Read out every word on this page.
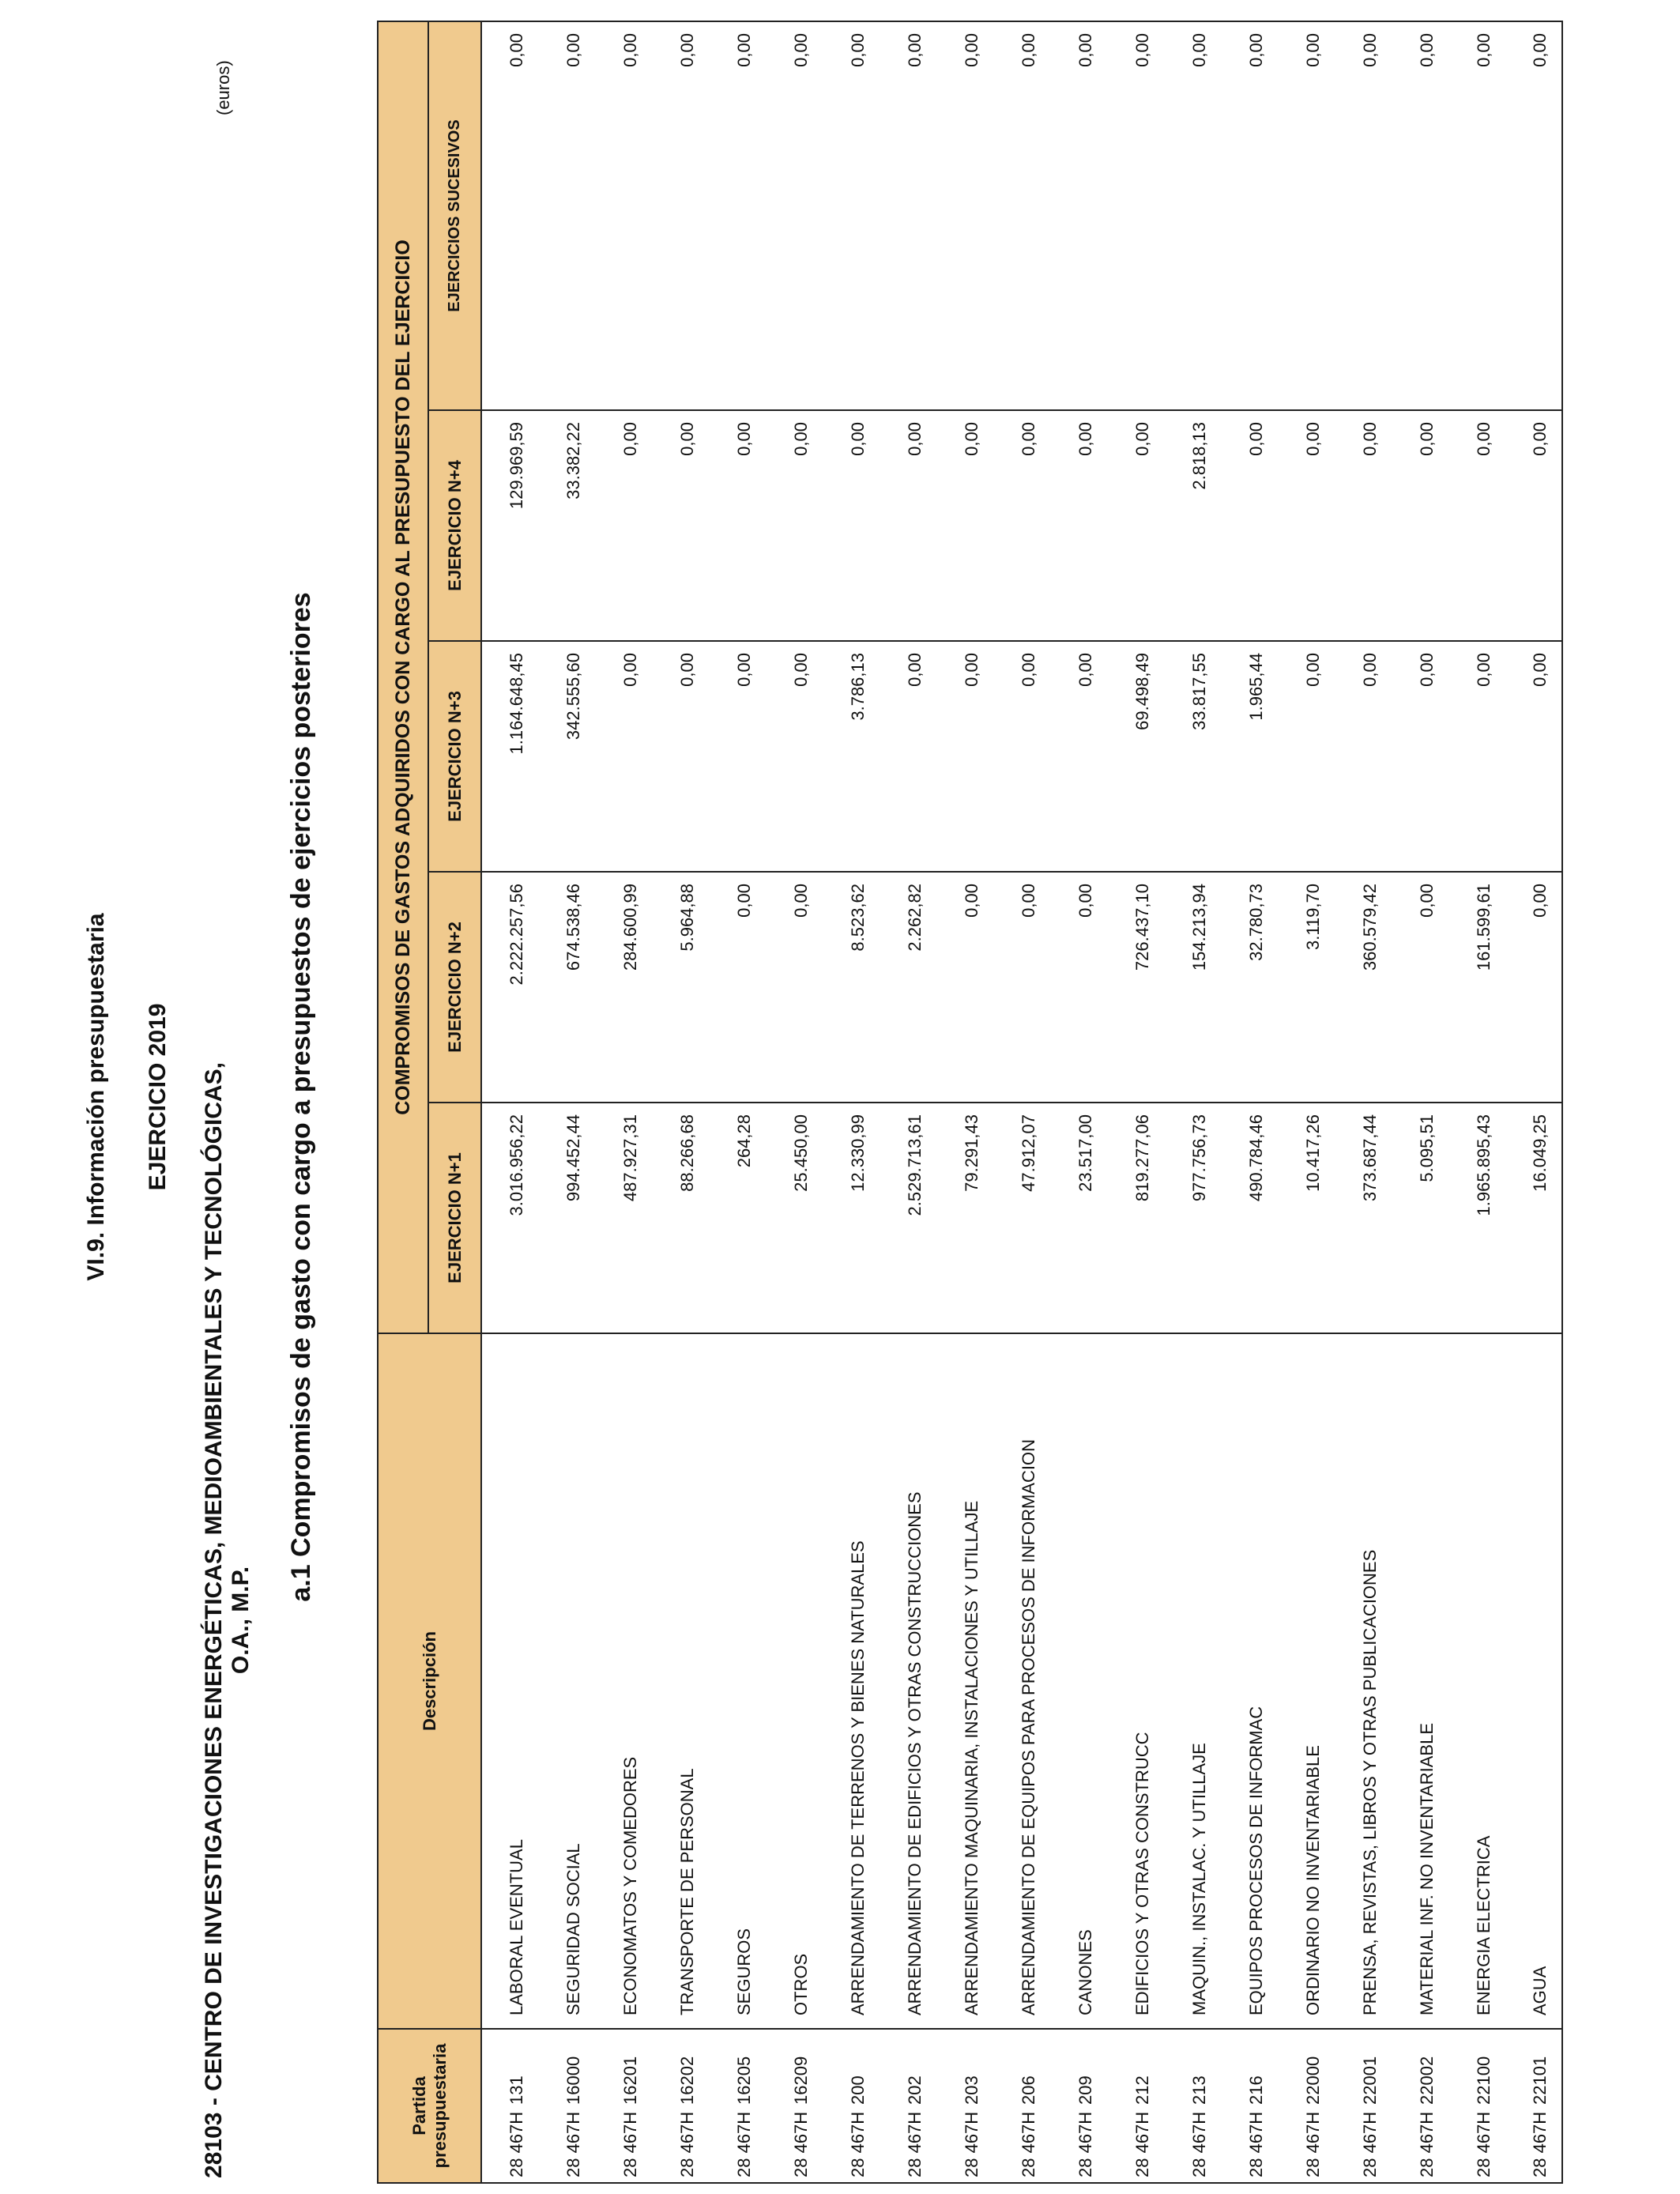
VI.9. Información presupuestaria EJERCICIO 2019 28103 - CENTRO DE INVESTIGACIONES ENERGÉTICAS, MEDIOAMBIENTALES Y TECNOLÓGICAS, O.A., M.P.
a.1 Compromisos de gasto con cargo a presupuestos de ejercicios posteriores
(euros)
Partida presupuestaria	Descripción	COMPROMISOS DE GASTOS ADQUIRIDOS CON CARGO AL PRESUPUESTO DEL EJERCICIO				
		EJERCICIO N+1	EJERCICIO N+2	EJERCICIO N+3	EJERCICIO N+4	EJERCICIOS SUCESIVOS
28 467H131	LABORAL EVENTUAL	3.016.956,22	2.222.257,56	1.164.648,45	129.969,59	0,00
28 467H16000	SEGURIDAD SOCIAL	994.452,44	674.538,46	342.555,60	33.382,22	0,00
28 467H16201	ECONOMATOS Y COMEDORES	487.927,31	284.600,99	0,00	0,00	0,00
28 467H16202	TRANSPORTE DE PERSONAL	88.266,68	5.964,88	0,00	0,00	0,00
28 467H16205	SEGUROS	264,28	0,00	0,00	0,00	0,00
28 467H16209	OTROS	25.450,00	0,00	0,00	0,00	0,00
28 467H200	ARRENDAMIENTO DE TERRENOS Y BIENES NATURALES	12.330,99	8.523,62	3.786,13	0,00	0,00
28 467H202	ARRENDAMIENTO DE EDIFICIOS Y OTRAS CONSTRUCCIONES	2.529.713,61	2.262,82	0,00	0,00	0,00
28 467H203	ARRENDAMIENTO MAQUINARIA, INSTALACIONES Y UTILLAJE	79.291,43	0,00	0,00	0,00	0,00
28 467H206	ARRENDAMIENTO DE EQUIPOS PARA PROCESOS DE INFORMACION	47.912,07	0,00	0,00	0,00	0,00
28 467H209	CANONES	23.517,00	0,00	0,00	0,00	0,00
28 467H212	EDIFICIOS Y OTRAS CONSTRUCC	819.277,06	726.437,10	69.498,49	0,00	0,00
28 467H213	MAQUIN., INSTALAC. Y UTILLAJE	977.756,73	154.213,94	33.817,55	2.818,13	0,00
28 467H216	EQUIPOS PROCESOS DE INFORMAC	490.784,46	32.780,73	1.965,44	0,00	0,00
28 467H22000	ORDINARIO NO INVENTARIABLE	10.417,26	3.119,70	0,00	0,00	0,00
28 467H22001	PRENSA, REVISTAS, LIBROS Y OTRAS PUBLICACIONES	373.687,44	360.579,42	0,00	0,00	0,00
28 467H22002	MATERIAL INF. NO INVENTARIABLE	5.095,51	0,00	0,00	0,00	0,00
28 467H22100	ENERGIA ELECTRICA	1.965.895,43	161.599,61	0,00	0,00	0,00
28 467H22101	AGUA	16.049,25	0,00	0,00	0,00	0,00
